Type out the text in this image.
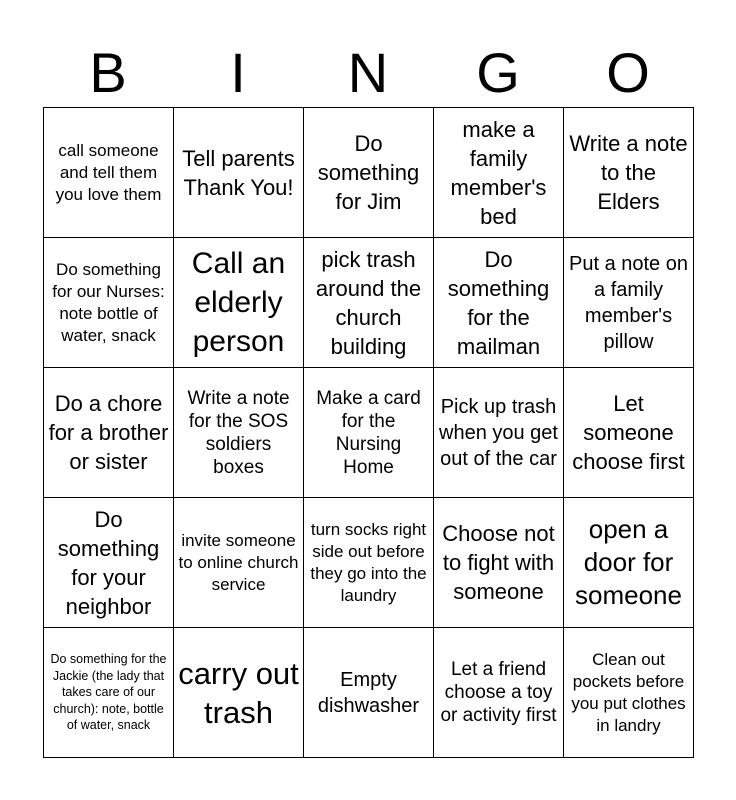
B	I	N	G	O
call someone and tell them you love them	Tell parents Thank You!	Do something for Jim	make a family member's bed	Write a note to the Elders

Do something for our Nurses: note bottle of water, snack	Call an elderly person	pick trash around the church building	Do something for the mailman	Put a note on a family member's pillow

Do a chore for a brother or sister	Write a note for the SOS soldiers boxes	Make a card for the Nursing Home	Pick up trash when you get out of the car	Let someone choose first

Do something for your neighbor	invite someone to online church service	turn socks right side out before they go into the laundry	Choose not to fight with someone	open a door for someone

Do something for the Jackie (the lady that takes care of our church): note, bottle of water, snack	carry out trash	Empty dishwasher	Let a friend choose a toy or activity first	Clean out pockets before you put clothes in landry
